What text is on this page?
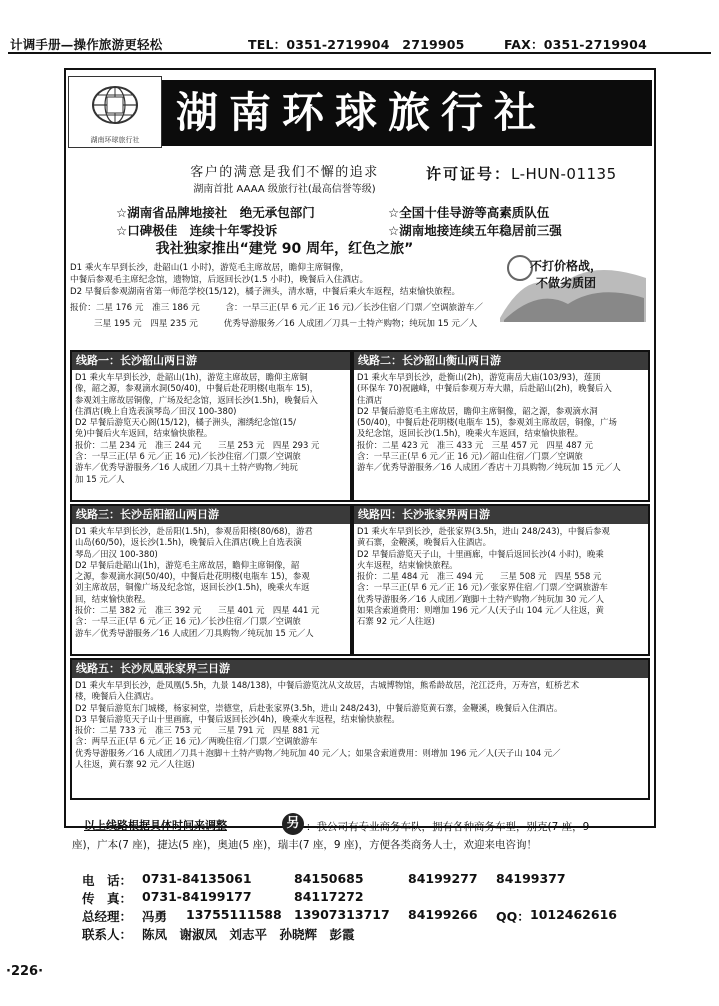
计调手册—操作旅游更轻松	TEL：0351-2719904　2719905	FAX：0351-2719904
湖南环球旅行社
湖南环球旅行社
客户的满意是我们不懈的追求
湖南首批 AAAA 级旅行社(最高信誉等级)
许可证号：L-HUN-01135
☆湖南省品牌地接社　绝无承包部门	☆全国十佳导游等高素质队伍
☆口碑极佳　连续十年零投诉	☆湖南地接连续五年稳居前三强
我社独家推出“建党 90 周年，红色之旅”
D1 乘火车早到长沙，赴韶山(1 小时)，游览毛主席故居，瞻仰主席铜像，
中餐后参观毛主席纪念馆，遗物馆，后返回长沙(1.5 小时)，晚餐后入住酒店。
D2 早餐后参观湖南省第一师范学校(15/12)，橘子洲头，清水塘，中餐后乘火车返程，结束愉快旅程。
报价：二星 176 元　准三 186 元　　　含：一早三正(早 6 元／正 16 元)／长沙住宿／门票／空调旅游车／
三星 195 元　四星 235 元　　　优秀导游服务／16 人成团／刀具－土特产购物；纯玩加 15 元／人
不打价格战，
不做劣质团
线路一：长沙韶山两日游
D1 乘火车早到长沙，赴韶山(1h)，游览主席故居，瞻仰主席铜
像，韶之源，参观滴水洞(50/40)，中餐后赴花明楼(电瓶车 15)，
参观刘主席故居铜像，广场及纪念馆，返回长沙(1.5h)，晚餐后入
住酒店(晚上自选表演琴岛／田汉 100-380)
D2 早餐后游览天心阁(15/12)，橘子洲头，湘绣纪念馆(15/
免)中餐后火车返回，结束愉快旅程。
报价：二星 234 元　准三 244 元　　三星 253 元　四星 293 元
含：一早三正(早 6 元／正 16 元)／长沙住宿／门票／空调旅
游车／优秀导游服务／16 人成团／刀具＋土特产购物／纯玩
加 15 元／人
线路二：长沙韶山衡山两日游
D1 乘火车早到长沙，赴衡山(2h)，游览南岳大庙(103/93)，莲顶
(环保车 70)祝融峰，中餐后参观万寿大鼎，后赴韶山(2h)，晚餐后入
住酒店
D2 早餐后游览毛主席故居，瞻仰主席铜像，韶之源，参观滴水洞
(50/40)，中餐后赴花明楼(电瓶车 15)，参观刘主席故居，铜像，广场
及纪念馆，返回长沙(1.5h)，晚乘火车返回，结束愉快旅程。
报价：二星 423 元　准三 433 元　三星 457 元　四星 487 元
含：一早三正(早 6 元／正 16 元)／韶山住宿／门票／空调旅
游车／优秀导游服务／16 人成团／香店＋刀具购物／纯玩加 15 元／人
线路三：长沙岳阳韶山两日游
D1 乘火车早到长沙，赴岳阳(1.5h)，参观岳阳楼(80/68)，游君
山岛(60/50)，返长沙(1.5h)，晚餐后入住酒店(晚上自选表演
琴岛／田汉 100-380)
D2 早餐后赴韶山(1h)，游览毛主席故居，瞻仰主席铜像，韶
之源，参观滴水洞(50/40)，中餐后赴花明楼(电瓶车 15)，参观
刘主席故居，铜像广场及纪念馆，返回长沙(1.5h)，晚乘火车返
回，结束愉快旅程。
报价：二星 382 元　准三 392 元　　三星 401 元　四星 441 元
含：一早三正(早 6 元／正 16 元)／长沙住宿／门票／空调旅
游车／优秀导游服务／16 人成团／刀具购物／纯玩加 15 元／人
线路四：长沙张家界两日游
D1 乘火车早到长沙，赴张家界(3.5h，进山 248/243)，中餐后参观
黄石寨，金鞭溪，晚餐后入住酒店。
D2 早餐后游览天子山，十里画廊，中餐后返回长沙(4 小时)，晚乘
火车返程，结束愉快旅程。
报价：二星 484 元　准三 494 元　　三星 508 元　四星 558 元
含：一早三正(早 6 元／正 16 元)／张家界住宿／门票／空调旅游车
优秀导游服务／16 人成团／跑脚＋土特产购物／纯玩加 30 元／人
如果含索道费用：则增加 196 元／人(天子山 104 元／人往返，黄
石寨 92 元／人往返)
线路五：长沙凤凰张家界三日游
D1 乘火车早到长沙，赴凤凰(5.5h，九景 148/138)，中餐后游览沈从文故居，古城博物馆，熊希龄故居，沱江泛舟，万寿宫，虹桥艺术
楼，晚餐后入住酒店。
D2 早餐后游览东门城楼，杨家祠堂，崇德堂，后赴张家界(3.5h，进山 248/243)，中餐后游览黄石寨，金鞭溪，晚餐后入住酒店。
D3 早餐后游览天子山十里画廊，中餐后返回长沙(4h)，晚乘火车返程，结束愉快旅程。
报价：二星 733 元　准三 753 元　　三星 791 元　四星 881 元
含：两早五正(早 6 元／正 16 元)／两晚住宿／门票／空调旅游车
优秀导游服务／16 人成团／刀具＋泡脚＋土特产购物／纯玩加 40 元／人；如果含索道费用：则增加 196 元／人(天子山 104 元／
人往返，黄石寨 92 元／人往返)
以上线路根据具体时间来调整	另 ：我公司有专业商务车队，拥有各种商务车型，别克(7 座，9
座)，广本(7 座)，捷达(5 座)，奥迪(5 座)，瑞丰(7 座，9 座)，方便各类商务人士，欢迎来电咨询！
电　话： 0731-84135061	84150685	84199277 84199377
传　真： 0731-84199177	84117272
总经理： 冯勇 13755111588 13907313717 84199266 QQ： 1012462616
联系人： 陈凤　谢淑凤　刘志平　孙晓辉　彭霞
·226·
